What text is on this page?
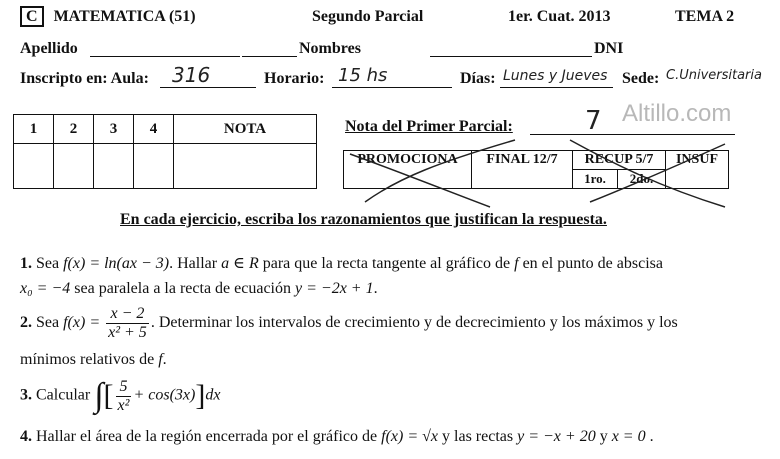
C MATEMATICA (51)	Segundo Parcial	1er. Cuat. 2013	TEMA 2
Apellido	Nombres	DNI
Inscripto en: Aula: 316	Horario: 15 hs	Días: Lunes y Jueves Sede: C.Universitaria
1	2	3	4	NOTA
					Nota del Primer Parcial:	7 Altillo.com
PROMOCIONA	FINAL 12/7	RECUP 5/7		INSUF
		1ro.	2do.	
En cada ejercicio, escriba los razonamientos que justifican la respuesta.
1. Sea f(x) = ln(ax − 3). Hallar a ∈ R para que la recta tangente al gráfico de f en el punto de abscisa
x₀ = −4 sea paralela a la recta de ecuación y = −2x + 1.
2. Sea $f(x) = \frac{x - 2}{\text{x² + 5}}$ . Determinar los intervalos de crecimiento y de decrecimiento y los máximos y los
mínimos relativos de f.
3. Calcular ∫[ $\frac{5}{\text{x²}} + \cos(3x)]dx$
4. Hallar el área de la región encerrada por el gráfico de f(x) = √x y las rectas y = −x + 20 y x = 0 .
